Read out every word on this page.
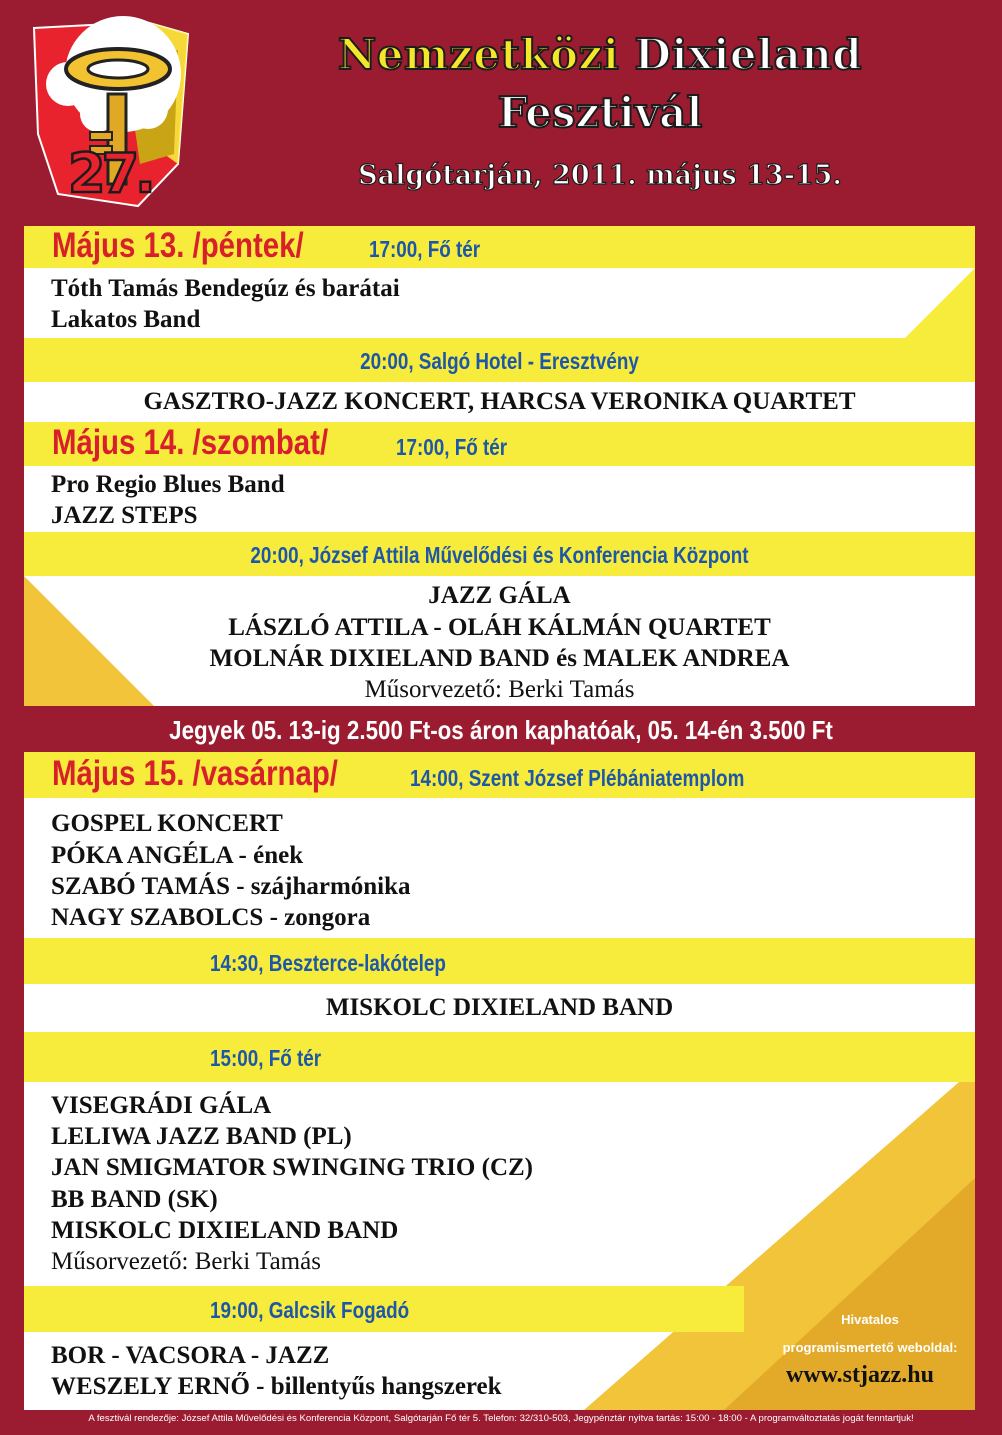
27.
Nemzetközi Dixieland
Fesztivál
Salgótarján, 2011. május 13-15.
Május 13. /péntek/	17:00, Fő tér
Tóth Tamás Bendegúz és barátai
Lakatos Band
20:00, Salgó Hotel - Eresztvény
GASZTRO-JAZZ KONCERT, HARCSA VERONIKA QUARTET
Május 14. /szombat/	17:00, Fő tér
Pro Regio Blues Band
JAZZ STEPS
20:00, József Attila Művelődési és Konferencia Központ
JAZZ GÁLA
LÁSZLÓ ATTILA - OLÁH KÁLMÁN QUARTET
MOLNÁR DIXIELAND BAND és MALEK ANDREA
Műsorvezető: Berki Tamás
Jegyek 05. 13-ig 2.500 Ft-os áron kaphatóak, 05. 14-én 3.500 Ft
Május 15. /vasárnap/	14:00, Szent József Plébániatemplom
GOSPEL KONCERT
PÓKA ANGÉLA - ének
SZABÓ TAMÁS - szájharmónika
NAGY SZABOLCS - zongora
14:30, Beszterce-lakótelep
MISKOLC DIXIELAND BAND
15:00, Fő tér
VISEGRÁDI GÁLA
LELIWA JAZZ BAND (PL)
JAN SMIGMATOR SWINGING TRIO (CZ)
BB BAND (SK)
MISKOLC DIXIELAND BAND
Műsorvezető: Berki Tamás
19:00, Galcsik Fogadó
BOR - VACSORA - JAZZ
WESZELY ERNŐ - billentyűs hangszerek
Hivatalos
programismertető weboldal:
www.stjazz.hu
A fesztivál rendezője: József Attila Művelődési és Konferencia Központ, Salgótarján Fő tér 5. Telefon: 32/310-503, Jegypénztár nyitva tartás: 15:00 - 18:00 - A programváltoztatás jogát fenntartjuk!
